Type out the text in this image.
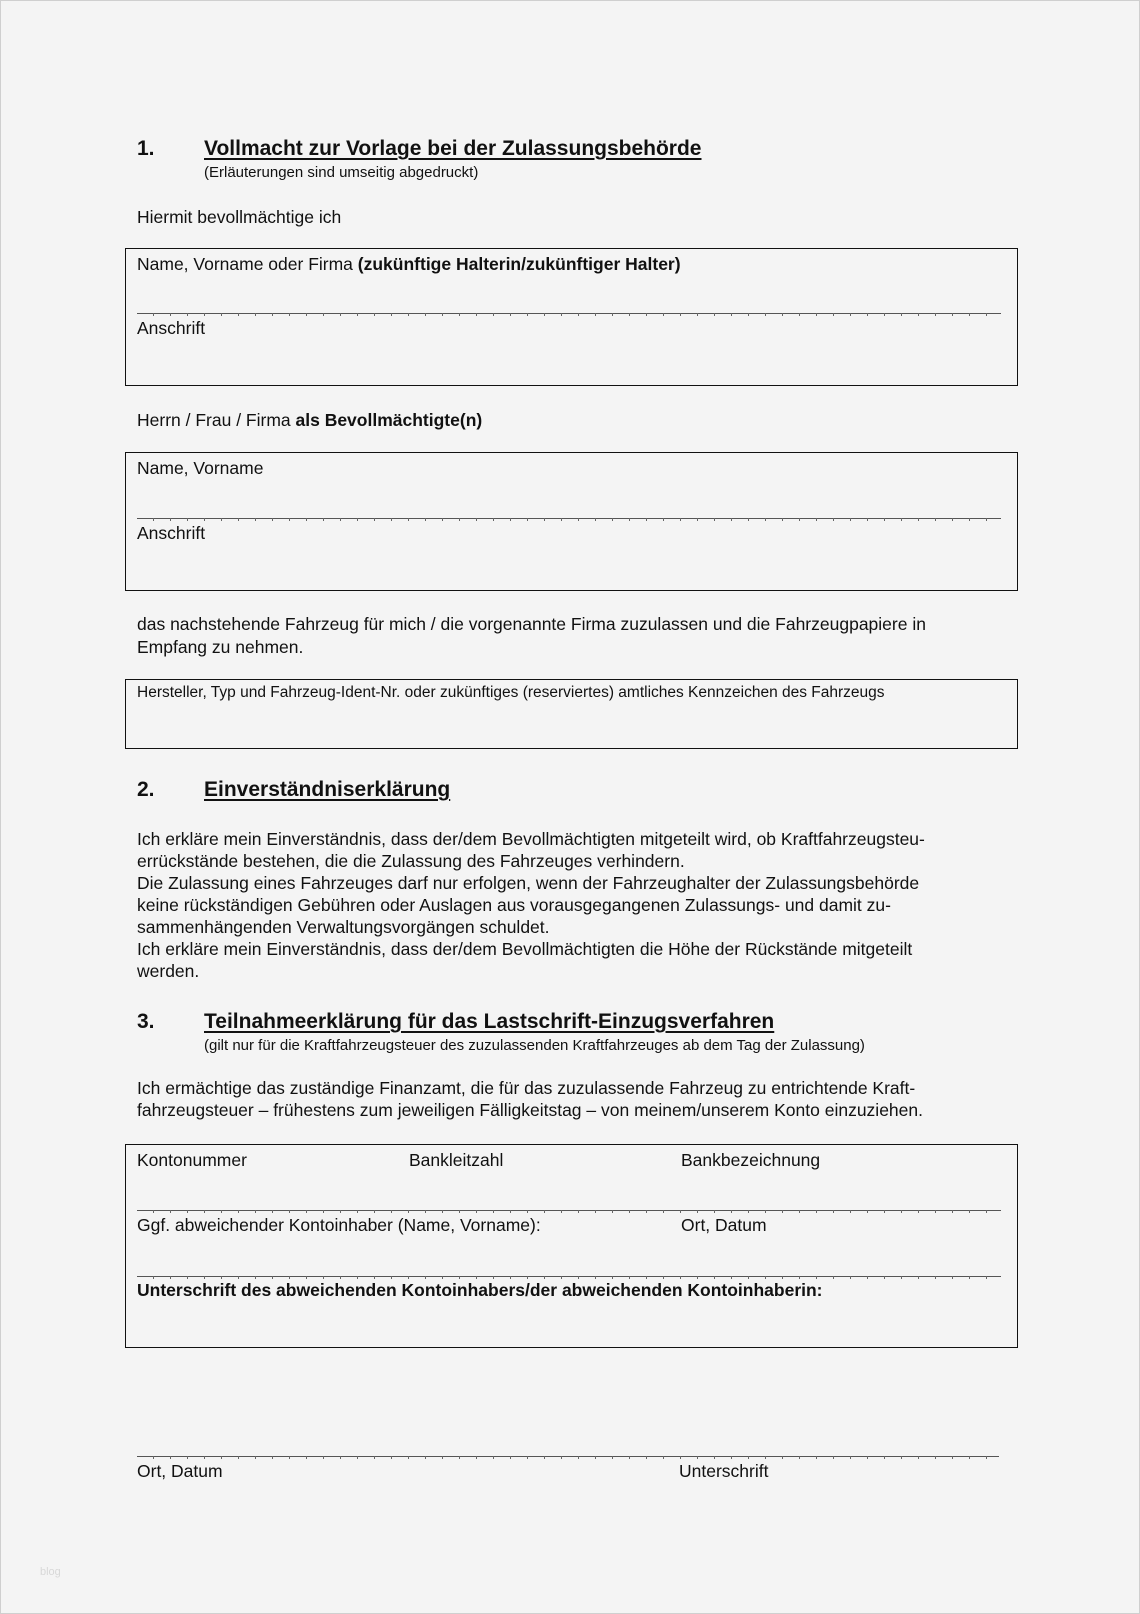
1. Vollmacht zur Vorlage bei der Zulassungsbehörde
(Erläuterungen sind umseitig abgedruckt)
Hiermit bevollmächtige ich
Name, Vorname oder Firma (zukünftige Halterin/zukünftiger Halter)
Anschrift
Herrn / Frau / Firma als Bevollmächtigte(n)
Name, Vorname
Anschrift
das nachstehende Fahrzeug für mich / die vorgenannte Firma zuzulassen und die Fahrzeugpapiere in
Empfang zu nehmen.
Hersteller, Typ und Fahrzeug-Ident-Nr. oder zukünftiges (reserviertes) amtliches Kennzeichen des Fahrzeugs
2. Einverständniserklärung
Ich erkläre mein Einverständnis, dass der/dem Bevollmächtigten mitgeteilt wird, ob Kraftfahrzeugsteu-
errückstände bestehen, die die Zulassung des Fahrzeuges verhindern.
Die Zulassung eines Fahrzeuges darf nur erfolgen, wenn der Fahrzeughalter der Zulassungsbehörde
keine rückständigen Gebühren oder Auslagen aus vorausgegangenen Zulassungs- und damit zu-
sammenhängenden Verwaltungsvorgängen schuldet.
Ich erkläre mein Einverständnis, dass der/dem Bevollmächtigten die Höhe der Rückstände mitgeteilt
werden.
3. Teilnahmeerklärung für das Lastschrift-Einzugsverfahren
(gilt nur für die Kraftfahrzeugsteuer des zuzulassenden Kraftfahrzeuges ab dem Tag der Zulassung)
Ich ermächtige das zuständige Finanzamt, die für das zuzulassende Fahrzeug zu entrichtende Kraft-
fahrzeugsteuer – frühestens zum jeweiligen Fälligkeitstag – von meinem/unserem Konto einzuziehen.
Kontonummer	Bankleitzahl	Bankbezeichnung
Ggf. abweichender Kontoinhaber (Name, Vorname):	Ort, Datum
Unterschrift des abweichenden Kontoinhabers/der abweichenden Kontoinhaberin:
Ort, Datum	Unterschrift
blog
